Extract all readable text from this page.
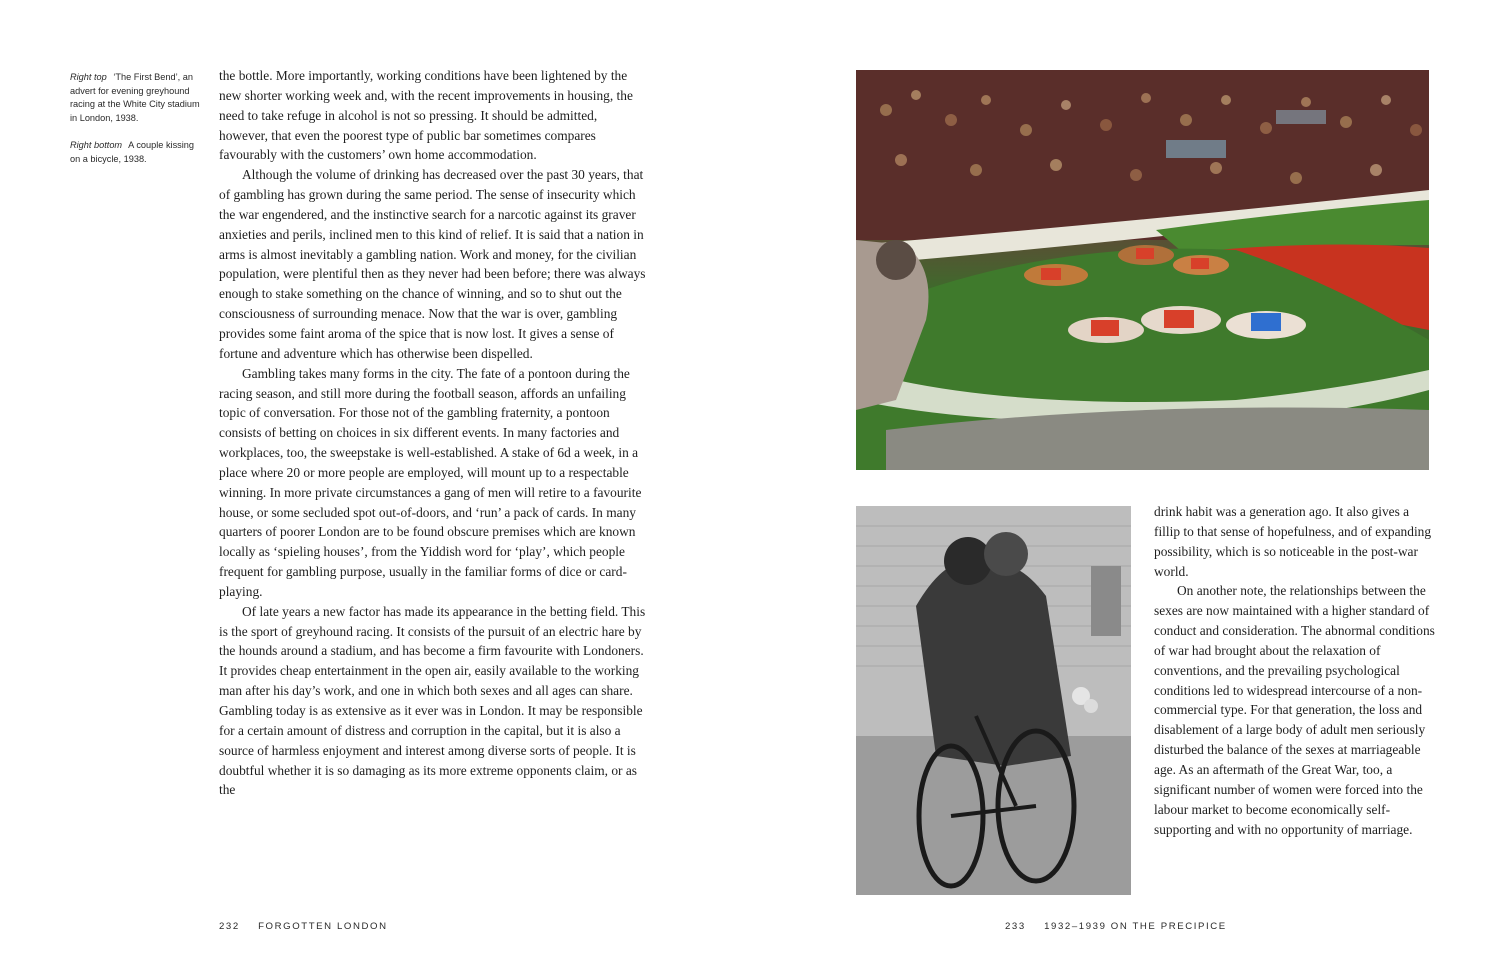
Right top ‘The First Bend’, an advert for evening greyhound racing at the White City stadium in London, 1938.

Right bottom A couple kissing on a bicycle, 1938.

the bottle. More importantly, working conditions have been lightened by the new shorter working week and, with the recent improvements in housing, the need to take refuge in alcohol is not so pressing. It should be admitted, however, that even the poorest type of public bar sometimes compares favourably with the customers’ own home accommodation.

Although the volume of drinking has decreased over the past 30 years, that of gambling has grown during the same period. The sense of insecurity which the war engendered, and the instinctive search for a narcotic against its graver anxieties and perils, inclined men to this kind of relief. It is said that a nation in arms is almost inevitably a gambling nation. Work and money, for the civilian population, were plentiful then as they never had been before; there was always enough to stake something on the chance of winning, and so to shut out the consciousness of surrounding menace. Now that the war is over, gambling provides some faint aroma of the spice that is now lost. It gives a sense of fortune and adventure which has otherwise been dispelled.

Gambling takes many forms in the city. The fate of a pontoon during the racing season, and still more during the football season, affords an unfailing topic of conversation. For those not of the gambling fraternity, a pontoon consists of betting on choices in six different events. In many factories and workplaces, too, the sweepstake is well-established. A stake of 6d a week, in a place where 20 or more people are employed, will mount up to a respectable winning. In more private circumstances a gang of men will retire to a favourite house, or some secluded spot out-of-doors, and ‘run’ a pack of cards. In many quarters of poorer London are to be found obscure premises which are known locally as ‘spieling houses’, from the Yiddish word for ‘play’, which people frequent for gambling purpose, usually in the familiar forms of dice or card-playing.

Of late years a new factor has made its appearance in the betting field. This is the sport of greyhound racing. It consists of the pursuit of an electric hare by the hounds around a stadium, and has become a firm favourite with Londoners. It provides cheap entertainment in the open air, easily available to the working man after his day’s work, and one in which both sexes and all ages can share. Gambling today is as extensive as it ever was in London. It may be responsible for a certain amount of distress and corruption in the capital, but it is also a source of harmless enjoyment and interest among diverse sorts of people. It is doubtful whether it is so damaging as its more extreme opponents claim, or as the

drink habit was a generation ago. It also gives a fillip to that sense of hopefulness, and of expanding possibility, which is so noticeable in the post-war world.

On another note, the relationships between the sexes are now maintained with a higher standard of conduct and consideration. The abnormal conditions of war had brought about the relaxation of conventions, and the prevailing psychological conditions led to widespread intercourse of a non-commercial type. For that generation, the loss and disablement of a large body of adult men seriously disturbed the balance of the sexes at marriageable age. As an aftermath of the Great War, too, a significant number of women were forced into the labour market to become economically self-supporting and with no opportunity of marriage.

232 FORGOTTEN LONDON	233 1932–1939 ON THE PRECIPICE
